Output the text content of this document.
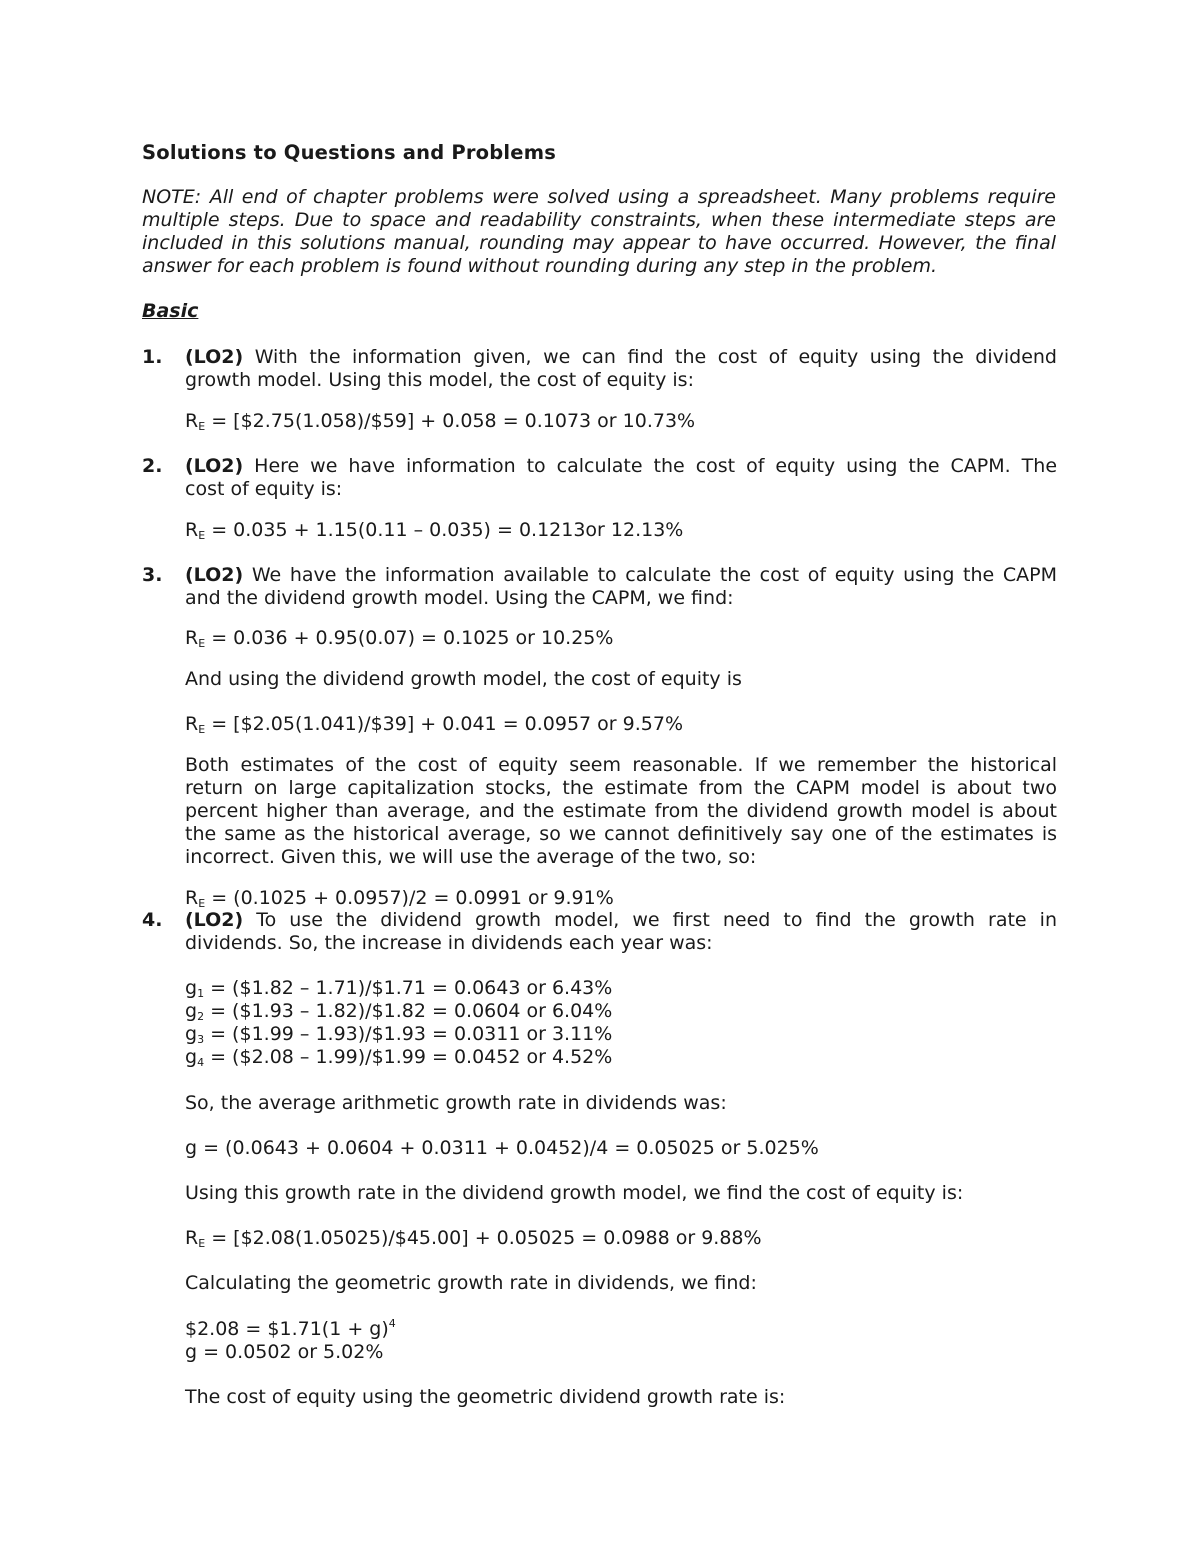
Solutions to Questions and Problems
NOTE: All end of chapter problems were solved using a spreadsheet. Many problems require
multiple steps. Due to space and readability constraints, when these intermediate steps are
included in this solutions manual, rounding may appear to have occurred. However, the final
answer for each problem is found without rounding during any step in the problem.
Basic
1. (LO2) With the information given, we can find the cost of equity using the dividend
growth model. Using this model, the cost of equity is:
$R_E$ = [$2.75(1.058)/$59] + 0.058 = 0.1073 or 10.73%
2. (LO2) Here we have information to calculate the cost of equity using the CAPM. The
cost of equity is:
$R_E = 0.035 + 1.15(0.11 - 0.035) = 0.1213or$ 12.13%
3. (LO2) We have the information available to calculate the cost of equity using the CAPM
and the dividend growth model. Using the CAPM, we find:
$R_E = 0.036 + 0.95(0.07) = 0.1025$ or 10.25%
And using the dividend growth model, the cost of equity is
$R_E$ = [$2.05(1.041)/$39] + 0.041 = 0.0957 or 9.57%
Both estimates of the cost of equity seem reasonable. If we remember the historical
return on large capitalization stocks, the estimate from the CAPM model is about two
percent higher than average, and the estimate from the dividend growth model is about
the same as the historical average, so we cannot definitively say one of the estimates is
incorrect. Given this, we will use the average of the two, so:
$R_E = (0.1025 + 0.0957)/2 = 0.0991$ or 9.91%
4. (LO2) To use the dividend growth model, we first need to find the growth rate in
dividends. So, the increase in dividends each year was:
$g_1$ = ($1.82 – 1.71)/$1.71 = 0.0643 or 6.43%
$g_2$ = ($1.93 – 1.82)/$1.82 = 0.0604 or 6.04%
$g_3$ = ($1.99 – 1.93)/$1.93 = 0.0311 or 3.11%
$g_4$ = ($2.08 – 1.99)/$1.99 = 0.0452 or 4.52%
So, the average arithmetic growth rate in dividends was:
g = (0.0643 + 0.0604 + 0.0311 + 0.0452)/4 = 0.05025 or 5.025%
Using this growth rate in the dividend growth model, we find the cost of equity is:
$R_E$ = [$2.08(1.05025)/$45.00] + 0.05025 = 0.0988 or 9.88%
Calculating the geometric growth rate in dividends, we find:
$2.08 = $1.71(1 + g)$^4$
g = 0.0502 or 5.02%
The cost of equity using the geometric dividend growth rate is:
